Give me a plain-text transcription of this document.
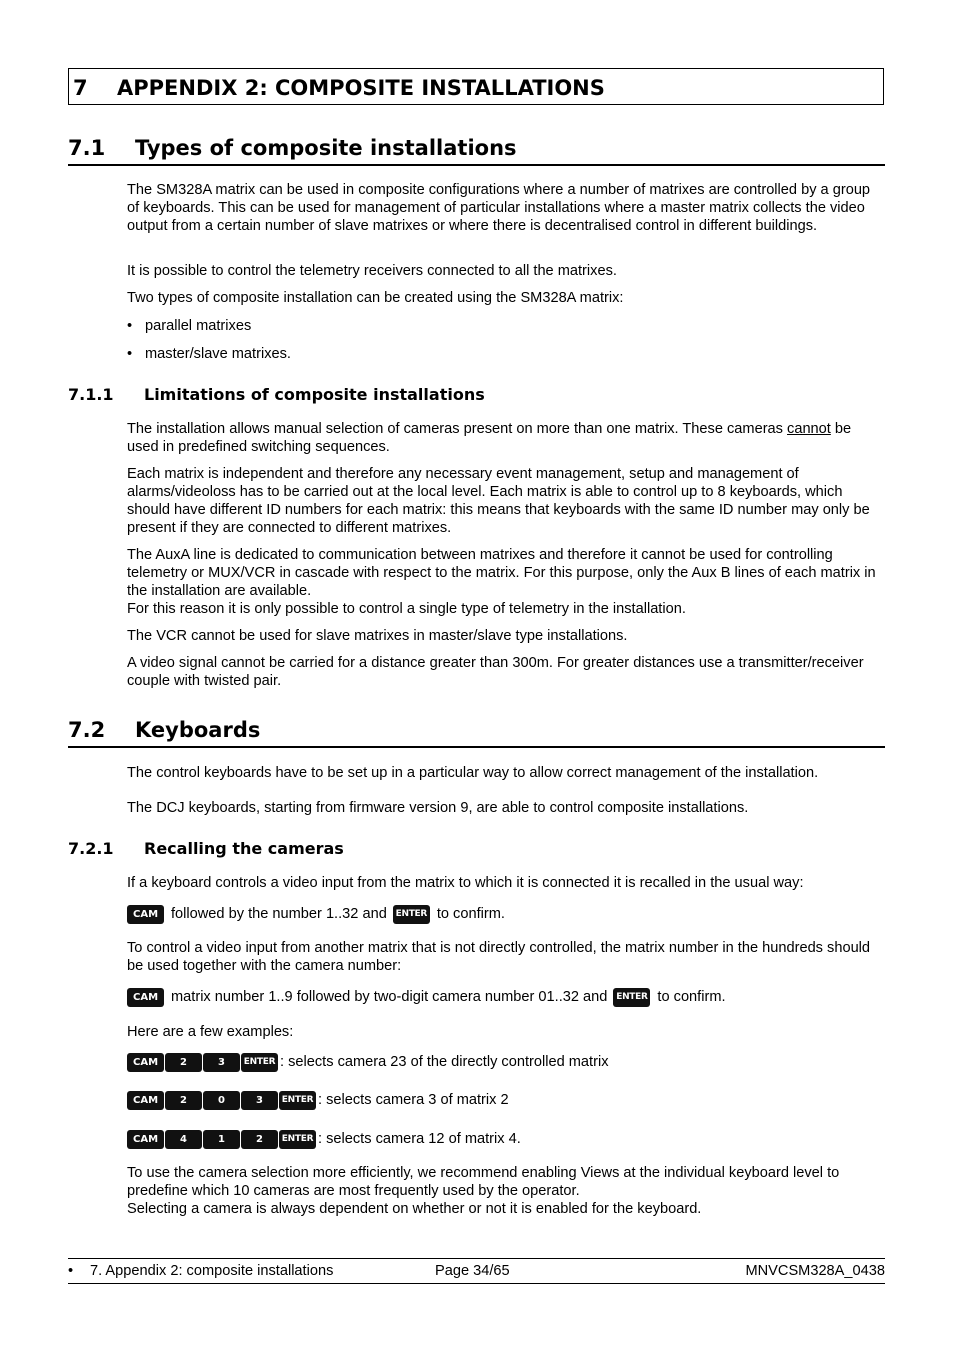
7 APPENDIX 2: COMPOSITE INSTALLATIONS
7.1 Types of composite installations

The SM328A matrix can be used in composite configurations where a number of matrixes are controlled by a group of keyboards. This can be used for management of particular installations where a master matrix collects the video output from a certain number of slave matrixes or where there is decentralised control in different buildings.

It is possible to control the telemetry receivers connected to all the matrixes.

Two types of composite installation can be created using the SM328A matrix:

• parallel matrixes
• master/slave matrixes.
7.1.1 Limitations of composite installations

The installation allows manual selection of cameras present on more than one matrix. These cameras cannot be used in predefined switching sequences.

Each matrix is independent and therefore any necessary event management, setup and management of alarms/videoloss has to be carried out at the local level. Each matrix is able to control up to 8 keyboards, which should have different ID numbers for each matrix: this means that keyboards with the same ID number may only be present if they are connected to different matrixes.

The AuxA line is dedicated to communication between matrixes and therefore it cannot be used for controlling telemetry or MUX/VCR in cascade with respect to the matrix. For this purpose, only the Aux B lines of each matrix in the installation are available.

For this reason it is only possible to control a single type of telemetry in the installation.

The VCR cannot be used for slave matrixes in master/slave type installations.

A video signal cannot be carried for a distance greater than 300m. For greater distances use a transmitter/receiver couple with twisted pair.

7.2 Keyboards

The control keyboards have to be set up in a particular way to allow correct management of the installation.

The DCJ keyboards, starting from firmware version 9, are able to control composite installations.

7.2.1 Recalling the cameras

If a keyboard controls a video input from the matrix to which it is connected it is recalled in the usual way:

CAM followed by the number 1..32 and ENTER to confirm.

To control a video input from another matrix that is not directly controlled, the matrix number in the hundreds should be used together with the camera number:

CAM matrix number 1..9 followed by two-digit camera number 01..32 and ENTER to confirm.

Here are a few examples:

CAM	2	3	ENTER : selects camera 23 of the directly controlled matrix
CAM	2	0	3	ENTER : selects camera 3 of matrix 2
CAM	4	1	2	ENTER : selects camera 12 of matrix 4.

To use the camera selection more efficiently, we recommend enabling Views at the individual keyboard level to predefine which 10 cameras are most frequently used by the operator.

Selecting a camera is always dependent on whether or not it is enabled for the keyboard.

• 7. Appendix 2: composite installations	Page 34/65	MNVCSM328A_0438
